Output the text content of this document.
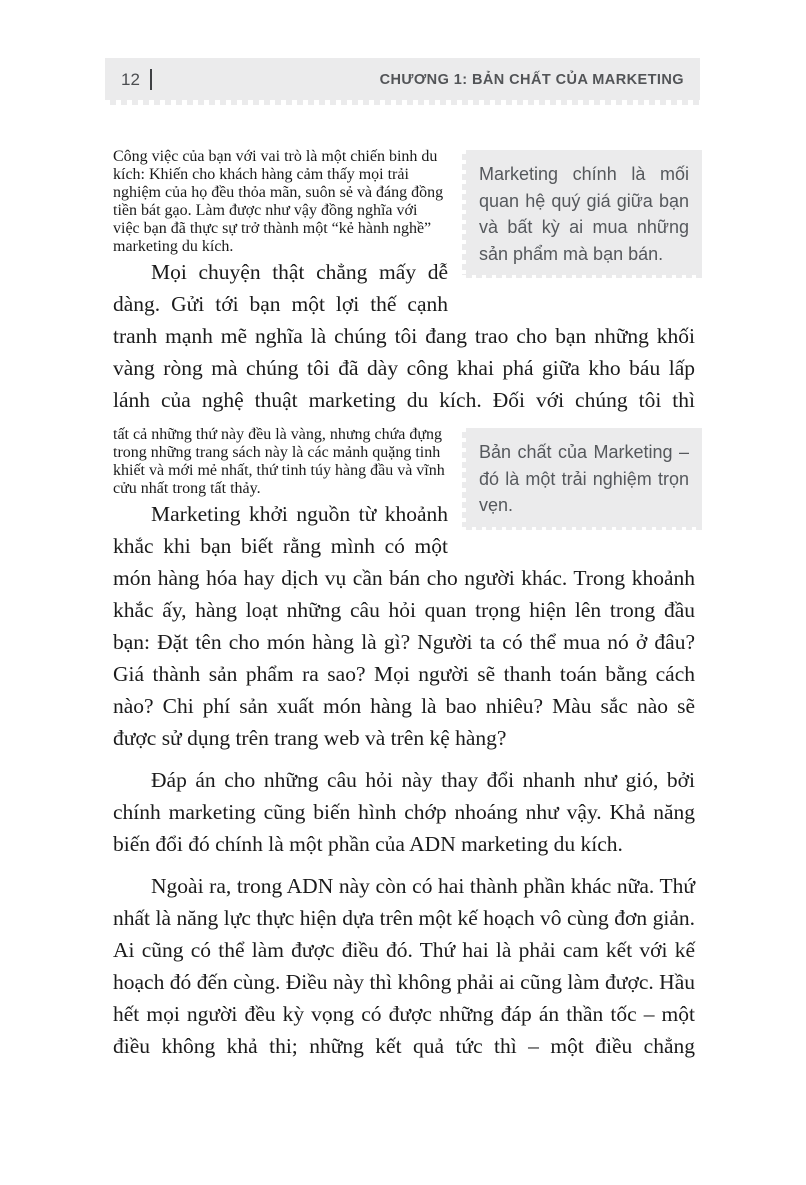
12	CHƯƠNG 1: BẢN CHẤT CỦA MARKETING

Marketing chính là mối quan hệ quý giá giữa bạn và bất kỳ ai mua những sản phẩm mà bạn bán.
Công việc của bạn với vai trò là một chiến binh du kích: Khiến cho khách hàng cảm thấy mọi trải nghiệm của họ đều thỏa mãn, suôn sẻ và đáng đồng tiền bát gạo. Làm được như vậy đồng nghĩa với việc bạn đã thực sự trở thành một “kẻ hành nghề” marketing du kích.

Mọi chuyện thật chẳng mấy dễ dàng. Gửi tới bạn một lợi thế cạnh tranh mạnh mẽ nghĩa là chúng tôi đang trao cho bạn những khối vàng ròng mà chúng tôi đã dày công khai phá giữa kho báu lấp lánh của nghệ thuật marketing du kích. Đối với chúng tôi thì

Bản chất của Marketing – đó là một trải nghiệm trọn vẹn.
tất cả những thứ này đều là vàng, nhưng chứa đựng trong những trang sách này là các mảnh quặng tinh khiết và mới mẻ nhất, thứ tinh túy hàng đầu và vĩnh cửu nhất trong tất thảy.

Marketing khởi nguồn từ khoảnh khắc khi bạn biết rằng mình có một món hàng hóa hay dịch vụ cần bán cho người khác. Trong khoảnh khắc ấy, hàng loạt những câu hỏi quan trọng hiện lên trong đầu bạn: Đặt tên cho món hàng là gì? Người ta có thể mua nó ở đâu? Giá thành sản phẩm ra sao? Mọi người sẽ thanh toán bằng cách nào? Chi phí sản xuất món hàng là bao nhiêu? Màu sắc nào sẽ được sử dụng trên trang web và trên kệ hàng?

Đáp án cho những câu hỏi này thay đổi nhanh như gió, bởi chính marketing cũng biến hình chớp nhoáng như vậy. Khả năng biến đổi đó chính là một phần của ADN marketing du kích.

Ngoài ra, trong ADN này còn có hai thành phần khác nữa. Thứ nhất là năng lực thực hiện dựa trên một kế hoạch vô cùng đơn giản. Ai cũng có thể làm được điều đó. Thứ hai là phải cam kết với kế hoạch đó đến cùng. Điều này thì không phải ai cũng làm được. Hầu hết mọi người đều kỳ vọng có được những đáp án thần tốc – một điều không khả thi; những kết quả tức thì – một điều chẳng
